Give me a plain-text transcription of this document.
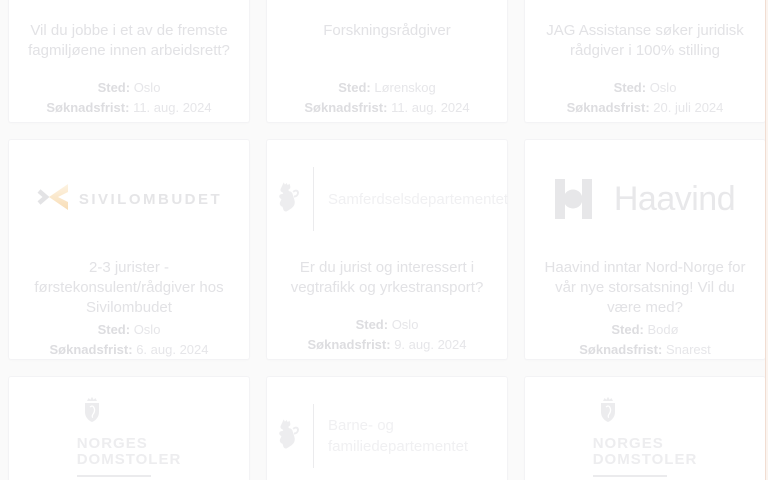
Vil du jobbe i et av de fremste fagmiljøene innen arbeidsrett?

Sted: Oslo
Søknadsfrist: 11. aug. 2024

Forskningsrådgiver

Sted: Lørenskog
Søknadsfrist: 11. aug. 2024

JAG Assistanse søker juridisk rådgiver i 100% stilling

Sted: Oslo
Søknadsfrist: 20. juli 2024
SIVILOMBUDET

2-3 jurister - førstekonsulent/rådgiver hos Sivilombudet

Sted: Oslo
Søknadsfrist: 6. aug. 2024
Samferdselsdepartementet

Er du jurist og interessert i vegtrafikk og yrkestransport?

Sted: Oslo
Søknadsfrist: 9. aug. 2024
Haavind

Haavind inntar Nord-Norge for vår nye storsatsning! Vil du være med?

Sted: Bodø
Søknadsfrist: Snarest
NORGES
DOMSTOLER
Barne- og familiedepartementet	NORGES
DOMSTOLER
